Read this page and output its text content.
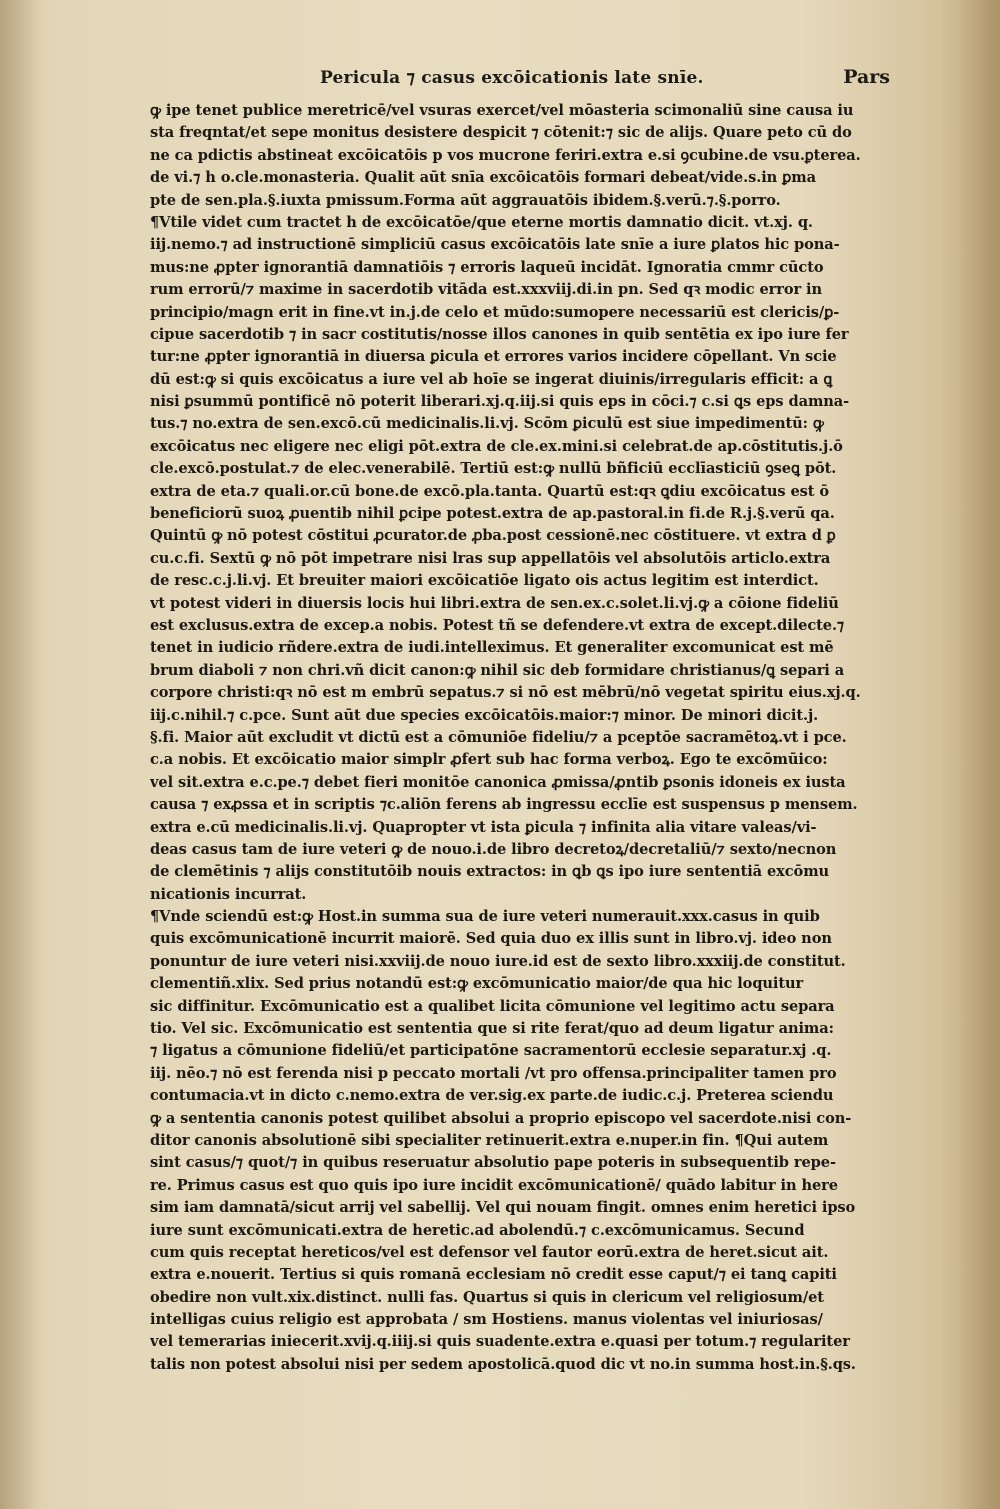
Pericula ⁊ casus excōicationis late snīe.	Pars
ꝙ ipe tenet publice meretricē/vel vsuras exercet/vel mōasteria scimonaliū sine causa iu
sta freqntat/et sepe monitus desistere despicit ⁊ cōtenit:⁊ sic de alijs. Quare peto cū do
ne ca pdictis abstineat excōicatōis p vos mucrone feriri.extra e.si ꝯcubine.de vsu.ꝑterea.
de vi.⁊ h o.cle.monasteria. Qualit aūt snīa excōicatōis formari debeat/vide.s.in ꝑma
pte de sen.pla.§.iuxta pmissum.Forma aūt aggrauatōis ibidem.§.verū.⁊.§.porro.
¶Vtile videt cum tractet h de excōicatōe/que eterne mortis damnatio dicit. vt.xj. q.
iij.nemo.⁊ ad instructionē simpliciū casus excōicatōis late snīe a iure ꝑlatos hic pona-
mus:ne ꝓpter ignorantiā damnatiōis ⁊ erroris laqueū incidāt. Ignoratia cmmr cūcto
rum errorū/⁊ maxime in sacerdotib vitāda est.xxxviij.di.in pn. Sed qꝛ modic error in
principio/magn erit in fine.vt in.j.de celo et mūdo:sumopere necessariū est clericis/ꝑ-
cipue sacerdotib ⁊ in sacr costitutis/nosse illos canones in quib sentētia ex ipo iure fer
tur:ne ꝓpter ignorantiā in diuersa ꝑicula et errores varios incidere cōpellant. Vn scie
dū est:ꝙ si quis excōicatus a iure vel ab hoīe se ingerat diuinis/irregularis efficit: a ꝗ
nisi ꝑsummū pontificē nō poterit liberari.xj.q.iij.si quis eps in cōci.⁊ c.si ꝗs eps damna-
tus.⁊ no.extra de sen.excō.cū medicinalis.li.vj. Scōm ꝑiculū est siue impedimentū: ꝙ
excōicatus nec eligere nec eligi pōt.extra de cle.ex.mini.si celebrat.de ap.cōstitutis.j.ō
cle.excō.postulat.⁊ de elec.venerabilē. Tertiū est:ꝙ nullū bñficiū ecclīasticiū ꝯseꝗ pōt.
extra de eta.⁊ quali.or.cū bone.de excō.pla.tanta. Quartū est:qꝛ ꝗdiu excōicatus est ō
beneficiorū suoꝝ ꝓuentib nihil ꝑcipe potest.extra de ap.pastoral.in fi.de R.j.§.verū qa.
Quintū ꝙ nō potest cōstitui ꝓcurator.de ꝓba.post cessionē.nec cōstituere. vt extra d ꝑ
cu.c.fi. Sextū ꝙ nō pōt impetrare nisi lras sup appellatōis vel absolutōis articlo.extra
de resc.c.j.li.vj. Et breuiter maiori excōicatiōe ligato ois actus legitim est interdict.
vt potest videri in diuersis locis hui libri.extra de sen.ex.c.solet.li.vj.ꝙ a cōione fideliū
est exclusus.extra de excep.a nobis. Potest tñ se defendere.vt extra de except.dilecte.⁊
tenet in iudicio rñdere.extra de iudi.intelleximus. Et generaliter excomunicat est mē
brum diaboli ⁊ non chri.vñ dicit canon:ꝙ nihil sic deb formidare christianus/ꝗ separi a
corpore christi:qꝛ nō est m embrū sepatus.⁊ si nō est mēbrū/nō vegetat spiritu eius.xj.q.
iij.c.nihil.⁊ c.pce. Sunt aūt due species excōicatōis.maior:⁊ minor. De minori dicit.j.
§.fi. Maior aūt excludit vt dictū est a cōmuniōe fideliu/⁊ a pceptōe sacramētoꝝ.vt i pce.
c.a nobis. Et excōicatio maior simplr ꝓfert sub hac forma verboꝝ. Ego te excōmūico:
vel sit.extra e.c.pe.⁊ debet fieri monitōe canonica ꝓmissa/ꝓntib ꝑsonis idoneis ex iusta
causa ⁊ exꝓssa et in scriptis ⁊c.aliōn ferens ab ingressu ecclīe est suspensus p mensem.
extra e.cū medicinalis.li.vj. Quapropter vt ista ꝑicula ⁊ infinita alia vitare valeas/vi-
deas casus tam de iure veteri ꝙ de nouo.i.de libro decretoꝝ/decretaliū/⁊ sexto/necnon
de clemētinis ⁊ alijs constitutōib nouis extractos: in ꝗb ꝗs ipo iure sententiā excōmu
nicationis incurrat.
¶Vnde sciendū est:ꝙ Host.in summa sua de iure veteri numerauit.xxx.casus in quib
quis excōmunicationē incurrit maiorē. Sed quia duo ex illis sunt in libro.vj. ideo non
ponuntur de iure veteri nisi.xxviij.de nouo iure.id est de sexto libro.xxxiij.de constitut.
clementiñ.xlix. Sed prius notandū est:ꝙ excōmunicatio maior/de qua hic loquitur
sic diffinitur. Excōmunicatio est a qualibet licita cōmunione vel legitimo actu separa
tio. Vel sic. Excōmunicatio est sententia que si rite ferat/quo ad deum ligatur anima:
⁊ ligatus a cōmunione fideliū/et participatōne sacramentorū ecclesie separatur.xj .q.
iij. nēo.⁊ nō est ferenda nisi p peccato mortali /vt pro offensa.principaliter tamen pro
contumacia.vt in dicto c.nemo.extra de ver.sig.ex parte.de iudic.c.j. Preterea sciendu
ꝙ a sententia canonis potest quilibet absolui a proprio episcopo vel sacerdote.nisi con-
ditor canonis absolutionē sibi specialiter retinuerit.extra e.nuper.in fin. ¶Qui autem
sint casus/⁊ quot/⁊ in quibus reseruatur absolutio pape poteris in subsequentib repe-
re. Primus casus est quo quis ipo iure incidit excōmunicationē/ quādo labitur in here
sim iam damnatā/sicut arrij vel sabellij. Vel qui nouam fingit. omnes enim heretici ipso
iure sunt excōmunicati.extra de heretic.ad abolendū.⁊ c.excōmunicamus. Secund
cum quis receptat hereticos/vel est defensor vel fautor eorū.extra de heret.sicut ait.
extra e.nouerit. Tertius si quis romanā ecclesiam nō credit esse caput/⁊ ei tanꝗ capiti
obedire non vult.xix.distinct. nulli fas. Quartus si quis in clericum vel religiosum/et
intelligas cuius religio est approbata / sm Hostiens. manus violentas vel iniuriosas/
vel temerarias iniecerit.xvij.q.iiij.si quis suadente.extra e.quasi per totum.⁊ regulariter
talis non potest absolui nisi per sedem apostolicā.quod dic vt no.in summa host.in.§.qs.
